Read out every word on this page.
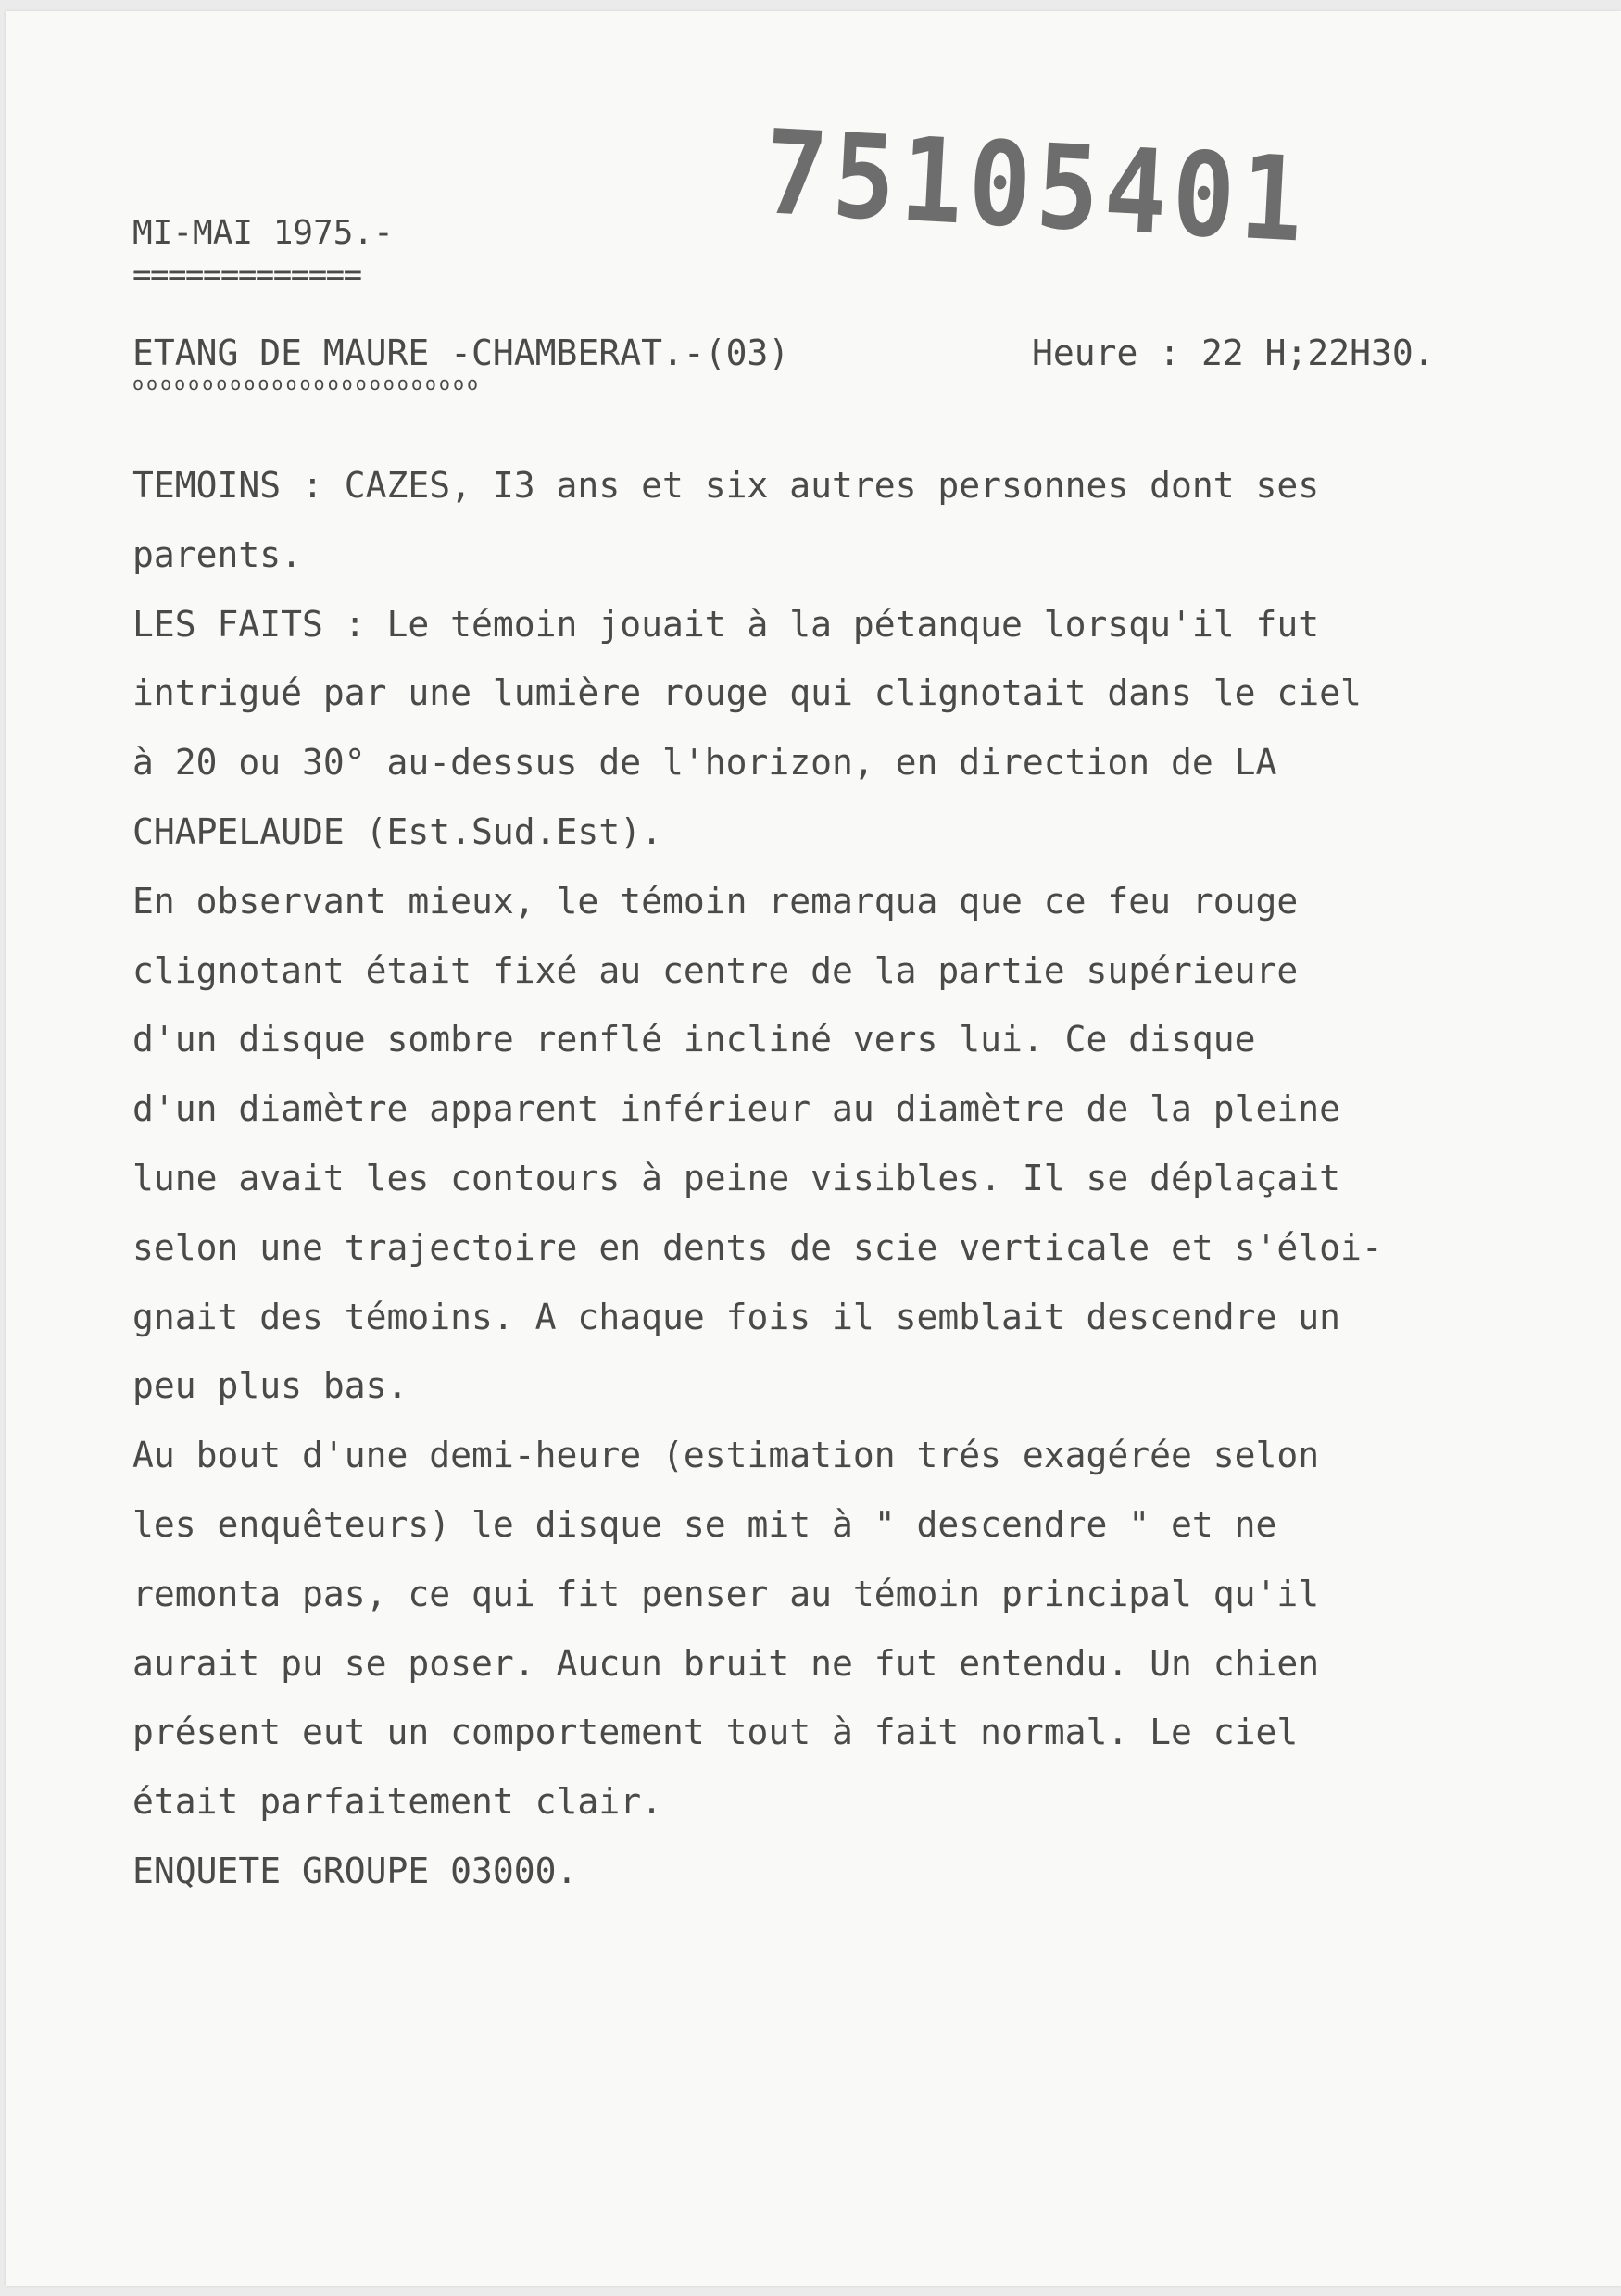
75105401
MI-MAI 1975.-
=============
ETANG DE MAURE -CHAMBERAT.-(03)	Heure : 22 H;22H30.
ooooooooooooooooooooooooo
TEMOINS : CAZES, I3 ans et six autres personnes dont ses
parents.
LES FAITS : Le témoin jouait à la pétanque lorsqu'il fut
intrigué par une lumière rouge qui clignotait dans le ciel
à 20 ou 30° au-dessus de l'horizon, en direction de LA
CHAPELAUDE (Est.Sud.Est).
En observant mieux, le témoin remarqua que ce feu rouge
clignotant était fixé au centre de la partie supérieure
d'un disque sombre renflé incliné vers lui. Ce disque
d'un diamètre apparent inférieur au diamètre de la pleine
lune avait les contours à peine visibles. Il se déplaçait
selon une trajectoire en dents de scie verticale et s'éloi-
gnait des témoins. A chaque fois il semblait descendre un
peu plus bas.
Au bout d'une demi-heure (estimation trés exagérée selon
les enquêteurs) le disque se mit à " descendre " et ne
remonta pas, ce qui fit penser au témoin principal qu'il
aurait pu se poser. Aucun bruit ne fut entendu. Un chien
présent eut un comportement tout à fait normal. Le ciel
était parfaitement clair.
ENQUETE GROUPE 03000.
